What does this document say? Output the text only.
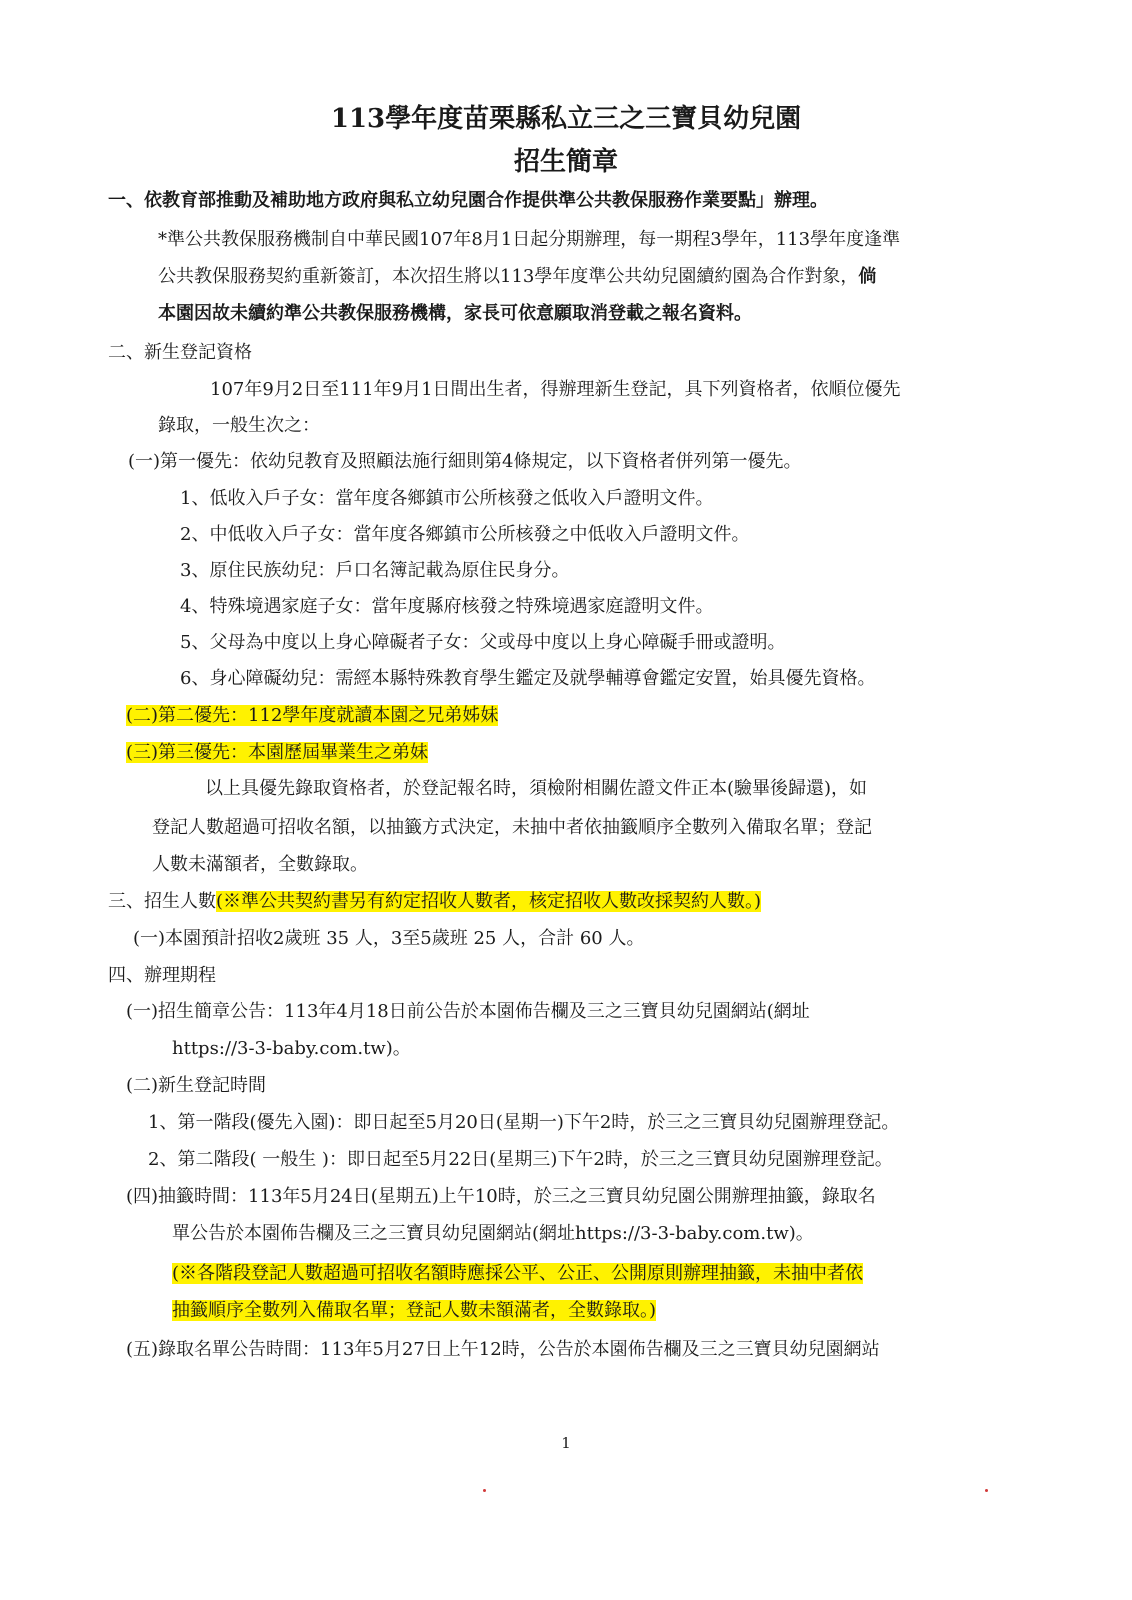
113學年度苗栗縣私立三之三寶貝幼兒園
招生簡章
一、依教育部推動及補助地方政府與私立幼兒園合作提供準公共教保服務作業要點」辦理。
*準公共教保服務機制自中華民國107年8月1日起分期辦理，每一期程3學年，113學年度逢準
公共教保服務契約重新簽訂，本次招生將以113學年度準公共幼兒園續約園為合作對象，倘
本園因故未續約準公共教保服務機構，家長可依意願取消登載之報名資料。
二、新生登記資格
107年9月2日至111年9月1日間出生者，得辦理新生登記，具下列資格者，依順位優先
錄取，一般生次之：
(一)第一優先：依幼兒教育及照顧法施行細則第4條規定，以下資格者併列第一優先。
1、低收入戶子女：當年度各鄉鎮市公所核發之低收入戶證明文件。
2、中低收入戶子女：當年度各鄉鎮市公所核發之中低收入戶證明文件。
3、原住民族幼兒：戶口名簿記載為原住民身分。
4、特殊境遇家庭子女：當年度縣府核發之特殊境遇家庭證明文件。
5、父母為中度以上身心障礙者子女：父或母中度以上身心障礙手冊或證明。
6、身心障礙幼兒：需經本縣特殊教育學生鑑定及就學輔導會鑑定安置，始具優先資格。
(二)第二優先：112學年度就讀本園之兄弟姊妹
(三)第三優先：本園歷屆畢業生之弟妹
以上具優先錄取資格者，於登記報名時，須檢附相關佐證文件正本(驗畢後歸還)，如
登記人數超過可招收名額，以抽籤方式決定，未抽中者依抽籤順序全數列入備取名單；登記
人數未滿額者，全數錄取。
三、招生人數(※準公共契約書另有約定招收人數者，核定招收人數改採契約人數。)
(一)本園預計招收2歲班 35 人，3至5歲班 25 人，合計 60 人。
四、辦理期程
(一)招生簡章公告：113年4月18日前公告於本園佈告欄及三之三寶貝幼兒園網站(網址
https://3-3-baby.com.tw)。
(二)新生登記時間
1、第一階段(優先入園)：即日起至5月20日(星期一)下午2時，於三之三寶貝幼兒園辦理登記。
2、第二階段( 一般生 )：即日起至5月22日(星期三)下午2時，於三之三寶貝幼兒園辦理登記。
(四)抽籤時間：113年5月24日(星期五)上午10時，於三之三寶貝幼兒園公開辦理抽籤，錄取名
單公告於本園佈告欄及三之三寶貝幼兒園網站(網址https://3-3-baby.com.tw)。
(※各階段登記人數超過可招收名額時應採公平、公正、公開原則辦理抽籤，未抽中者依
抽籤順序全數列入備取名單；登記人數未額滿者，全數錄取。)
(五)錄取名單公告時間：113年5月27日上午12時，公告於本園佈告欄及三之三寶貝幼兒園網站
1
